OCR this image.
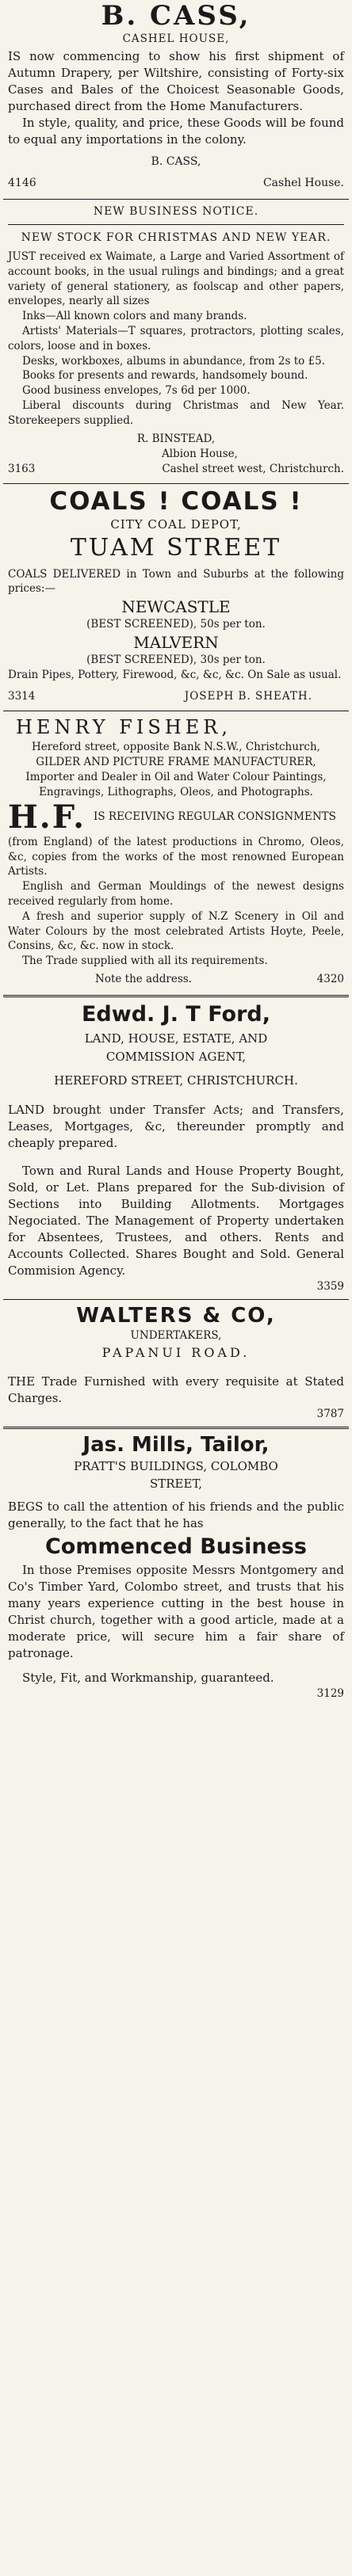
B. CASS,
CASHEL HOUSE,
IS now commencing to show his first shipment of Autumn Drapery, per Wiltshire, consisting of Forty-six Cases and Bales of the Choicest Seasonable Goods, purchased direct from the Home Manufacturers.
In style, quality, and price, these Goods will be found to equal any importations in the colony.
B. CASS,
4146	Cashel House.
NEW BUSINESS NOTICE.
NEW STOCK FOR CHRISTMAS AND NEW YEAR.
JUST received ex Waimate, a Large and Varied Assortment of account books, in the usual rulings and bindings; and a great variety of general stationery, as foolscap and other papers, envelopes, nearly all sizes
Inks—All known colors and many brands.
Artists' Materials—T squares, protractors, plotting scales, colors, loose and in boxes.
Desks, workboxes, albums in abundance, from 2s to £5.
Books for presents and rewards, handsomely bound.
Good business envelopes, 7s 6d per 1000.
Liberal discounts during Christmas and New Year. Storekeepers supplied.
R. BINSTEAD,
Albion House,
3163	Cashel street west, Christchurch.
COALS ! COALS !
CITY COAL DEPOT,
TUAM STREET
COALS DELIVERED in Town and Suburbs at the following prices:—
NEWCASTLE
(BEST SCREENED), 50s per ton.
MALVERN
(BEST SCREENED), 30s per ton.
Drain Pipes, Pottery, Firewood, &c, &c, &c. On Sale as usual.
3314	JOSEPH B. SHEATH.
HENRY FISHER,
Hereford street, opposite Bank N.S.W., Christchurch,
GILDER AND PICTURE FRAME MANUFACTURER,
Importer and Dealer in Oil and Water Colour Paintings,
Engravings, Lithographs, Oleos, and Photographs.
H.F. IS RECEIVING REGULAR CONSIGNMENTS
(from England) of the latest productions in Chromo, Oleos, &c, copies from the works of the most renowned European Artists.
English and German Mouldings of the newest designs received regularly from home.
A fresh and superior supply of N.Z Scenery in Oil and Water Colours by the most celebrated Artists Hoyte, Peele, Consins, &c, &c. now in stock.
The Trade supplied with all its requirements.
Note the address.	4320
Edwd. J. T Ford,
LAND, HOUSE, ESTATE, AND
COMMISSION AGENT,
HEREFORD STREET, CHRISTCHURCH.
LAND brought under Transfer Acts; and Transfers, Leases, Mortgages, &c, thereunder promptly and cheaply prepared.
Town and Rural Lands and House Property Bought, Sold, or Let. Plans prepared for the Sub-division of Sections into Building Allotments. Mortgages Negociated. The Management of Property undertaken for Absentees, Trustees, and others. Rents and Accounts Collected. Shares Bought and Sold. General Commision Agency.
3359
WALTERS & CO,
UNDERTAKERS,
PAPANUI ROAD.
THE Trade Furnished with every requisite at Stated Charges.
3787
Jas. Mills, Tailor,
PRATT'S BUILDINGS, COLOMBO
STREET,
BEGS to call the attention of his friends and the public generally, to the fact that he has
Commenced Business
In those Premises opposite Messrs Montgomery and Co's Timber Yard, Colombo street, and trusts that his many years experience cutting in the best house in Christ church, together with a good article, made at a moderate price, will secure him a fair share of patronage.
Style, Fit, and Workmanship, guaranteed.
3129
